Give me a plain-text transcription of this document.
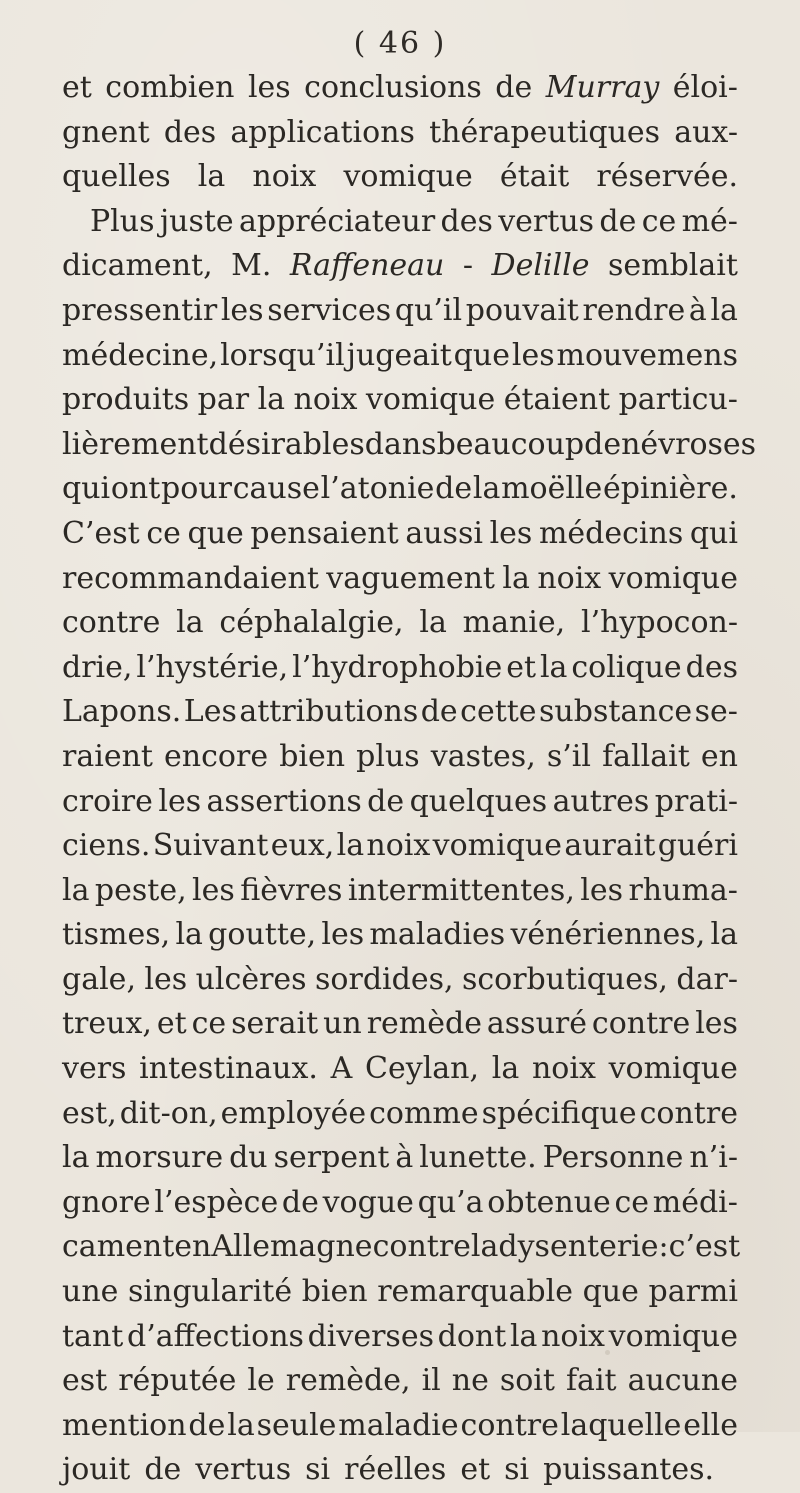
( 46 )
et combien les conclusions de Murray éloi-
gnent des applications thérapeutiques aux-
quelles la noix vomique était réservée.
Plus juste appréciateur des vertus de ce mé-
dicament, M. Raffeneau - Delille semblait
pressentir les services qu’il pouvait rendre à la
médecine, lorsqu’il jugeait que les mouvemens
produits par la noix vomique étaient particu-
lièrement désirables dans beaucoup de névroses
qui ont pour cause l’atonie de la moëlle épinière.
C’est ce que pensaient aussi les médecins qui
recommandaient vaguement la noix vomique
contre la céphalalgie, la manie, l’hypocon-
drie, l’hystérie, l’hydrophobie et la colique des
Lapons. Les attributions de cette substance se-
raient encore bien plus vastes, s’il fallait en
croire les assertions de quelques autres prati-
ciens. Suivant eux, la noix vomique aurait guéri
la peste, les fièvres intermittentes, les rhuma-
tismes, la goutte, les maladies vénériennes, la
gale, les ulcères sordides, scorbutiques, dar-
treux, et ce serait un remède assuré contre les
vers intestinaux. A Ceylan, la noix vomique
est, dit-on, employée comme spécifique contre
la morsure du serpent à lunette. Personne n’i-
gnore l’espèce de vogue qu’a obtenue ce médi-
cament en Allemagne contre la dysenterie : c’est
une singularité bien remarquable que parmi
tant d’affections diverses dont la noix vomique
est réputée le remède, il ne soit fait aucune
mention de la seule maladie contre laquelle elle
jouit de vertus si réelles et si puissantes.
